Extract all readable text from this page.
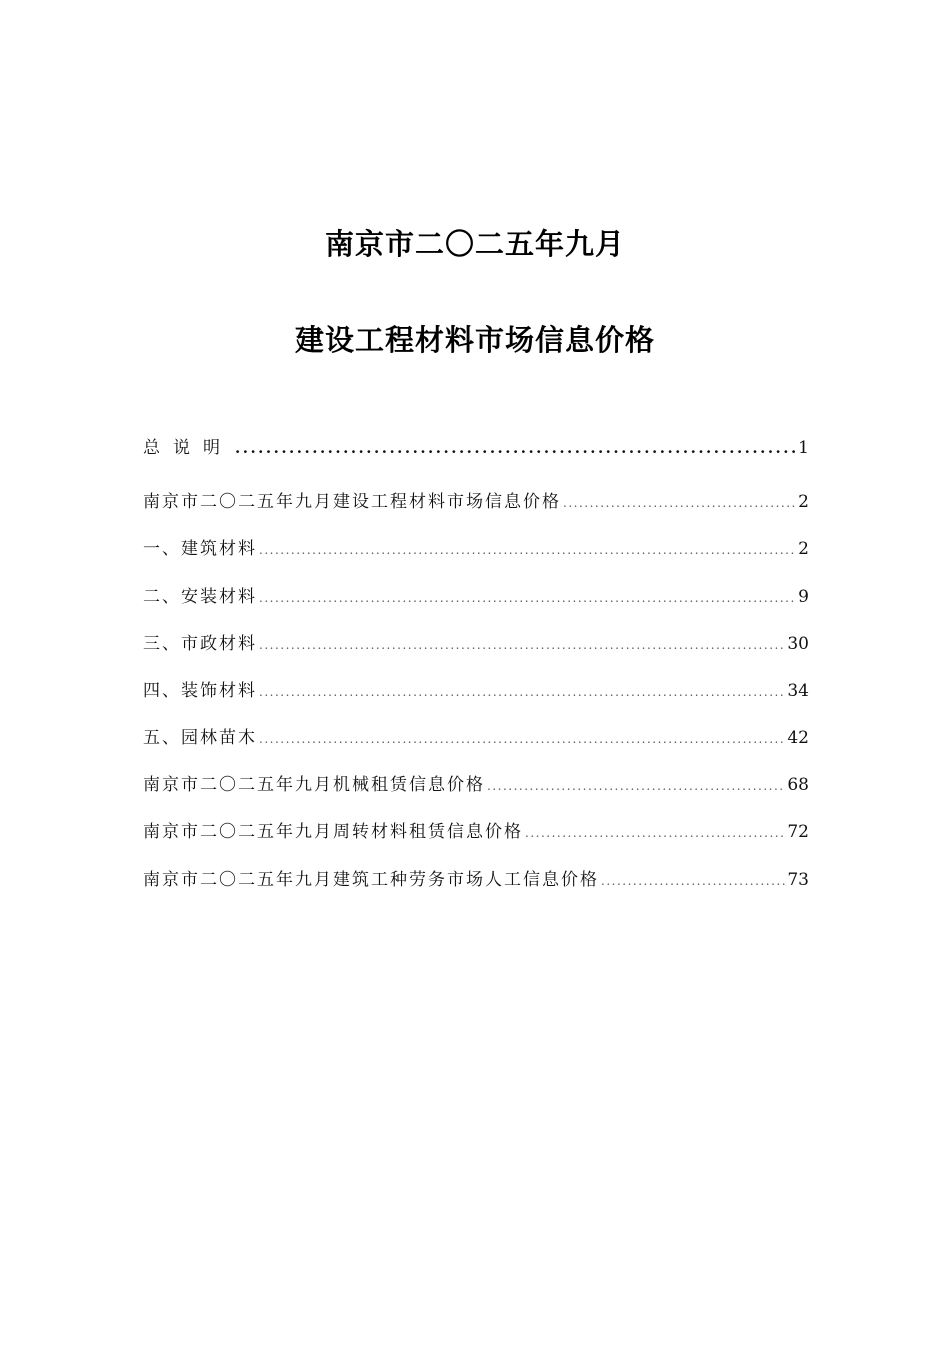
南京市二〇二五年九月
建设工程材料市场信息价格
总说明 .....	1
南京市二〇二五年九月建设工程材料市场信息价格 .....	2
一、建筑材料 .....	2
二、安装材料 .....	9
三、市政材料 .....	30
四、装饰材料 .....	34
五、园林苗木 .....	42
南京市二〇二五年九月机械租赁信息价格 .....	68
南京市二〇二五年九月周转材料租赁信息价格 .....	72
南京市二〇二五年九月建筑工种劳务市场人工信息价格 .....	73
